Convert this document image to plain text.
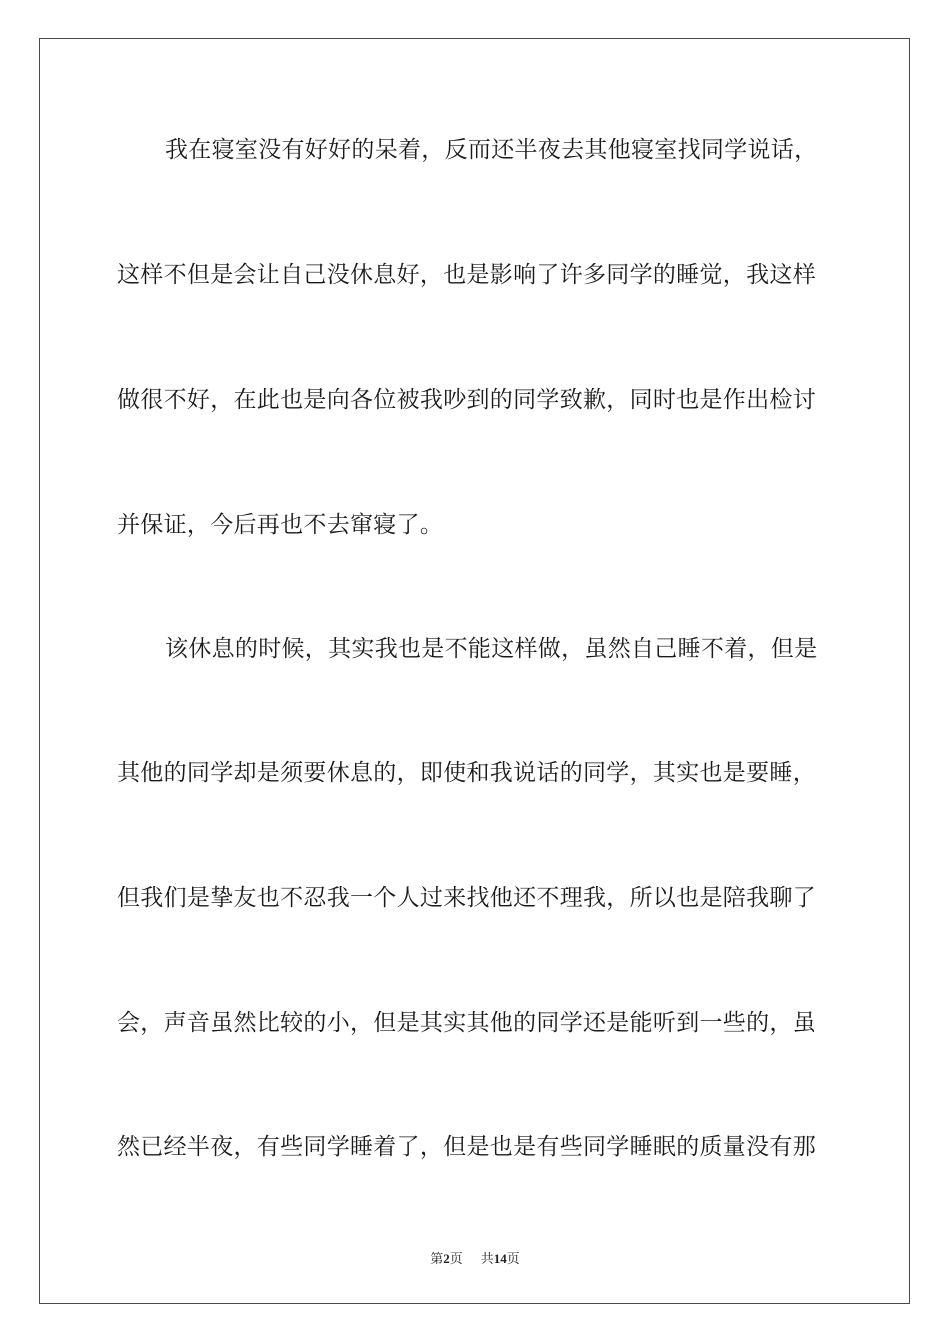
我在寝室没有好好的呆着，反而还半夜去其他寝室找同学说话，
这样不但是会让自己没休息好，也是影响了许多同学的睡觉，我这样
做很不好，在此也是向各位被我吵到的同学致歉，同时也是作出检讨
并保证，今后再也不去窜寝了。
该休息的时候，其实我也是不能这样做，虽然自己睡不着，但是
其他的同学却是须要休息的，即使和我说话的同学，其实也是要睡，
但我们是挚友也不忍我一个人过来找他还不理我，所以也是陪我聊了
会，声音虽然比较的小，但是其实其他的同学还是能听到一些的，虽
然已经半夜，有些同学睡着了，但是也是有些同学睡眠的质量没有那
第2页 共14页
